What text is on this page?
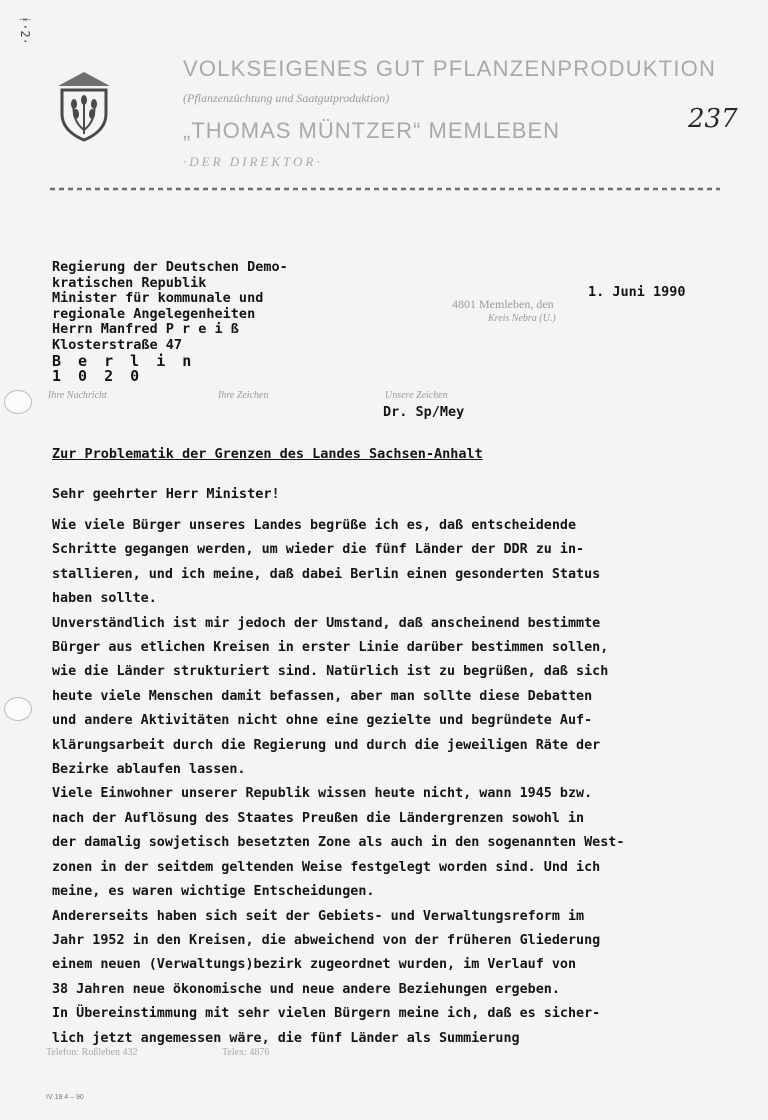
ᚼ·2·
VOLKSEIGENES GUT PFLANZENPRODUKTION
(Pflanzenzüchtung und Saatgutproduktion)
„THOMAS MÜNTZER“ MEMLEBEN
·DER DIREKTOR·
237
Regierung der Deutschen Demo-
kratischen Republik
Minister für kommunale und
regionale Angelegenheiten
Herrn Manfred P r e i ß
Klosterstraße 47
B e r l i n
1 0 2 0
4801 Memleben, den
Kreis Nebra (U.)
1. Juni 1990
Ihre Nachricht	Ihre Zeichen	Unsere Zeichen
Dr. Sp/Mey
Zur Problematik der Grenzen des Landes Sachsen-Anhalt
Sehr geehrter Herr Minister!
Wie viele Bürger unseres Landes begrüße ich es, daß entscheidende
Schritte gegangen werden, um wieder die fünf Länder der DDR zu in-
stallieren, und ich meine, daß dabei Berlin einen gesonderten Status
haben sollte.
Unverständlich ist mir jedoch der Umstand, daß anscheinend bestimmte
Bürger aus etlichen Kreisen in erster Linie darüber bestimmen sollen,
wie die Länder strukturiert sind. Natürlich ist zu begrüßen, daß sich
heute viele Menschen damit befassen, aber man sollte diese Debatten
und andere Aktivitäten nicht ohne eine gezielte und begründete Auf-
klärungsarbeit durch die Regierung und durch die jeweiligen Räte der
Bezirke ablaufen lassen.
Viele Einwohner unserer Republik wissen heute nicht, wann 1945 bzw.
nach der Auflösung des Staates Preußen die Ländergrenzen sowohl in
der damalig sowjetisch besetzten Zone als auch in den sogenannten West-
zonen in der seitdem geltenden Weise festgelegt worden sind. Und ich
meine, es waren wichtige Entscheidungen.
Andererseits haben sich seit der Gebiets- und Verwaltungsreform im
Jahr 1952 in den Kreisen, die abweichend von der früheren Gliederung
einem neuen (Verwaltungs)bezirk zugeordnet wurden, im Verlauf von
38 Jahren neue ökonomische und neue andere Beziehungen ergeben.
In Übereinstimmung mit sehr vielen Bürgern meine ich, daß es sicher-
lich jetzt angemessen wäre, die fünf Länder als Summierung
Telefon: Roßleben 432	Telex: 4876
IV 19 4 – 90
